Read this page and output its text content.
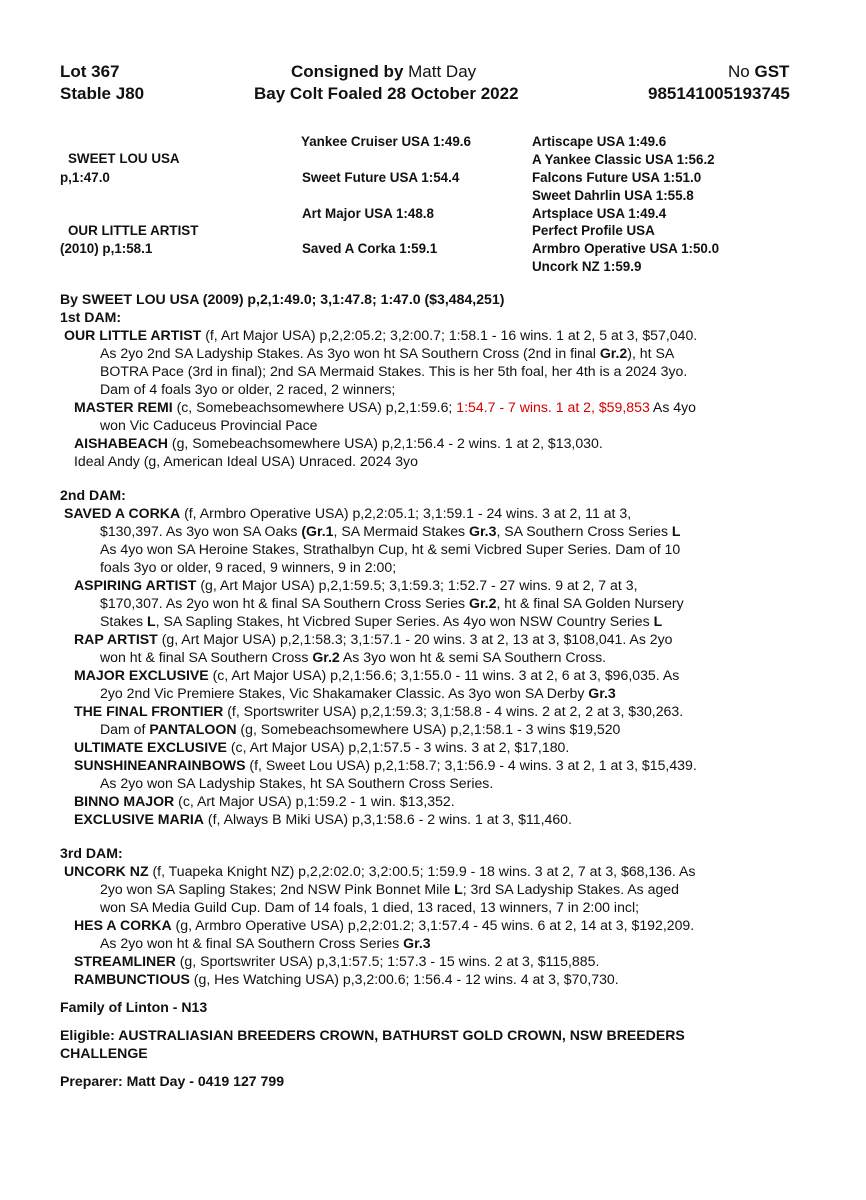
Lot 367
Stable J80
Consigned by Matt Day
Bay Colt Foaled 28 October 2022
No GST
985141005193745
SWEET LOU USA
p,1:47.0
OUR LITTLE ARTIST
(2010) p,1:58.1
Yankee Cruiser USA 1:49.6
Sweet Future USA 1:54.4
Art Major USA 1:48.8
Saved A Corka 1:59.1
Artiscape USA 1:49.6
A Yankee Classic USA 1:56.2
Falcons Future USA 1:51.0
Sweet Dahrlin USA 1:55.8
Artsplace USA 1:49.4
Perfect Profile USA
Armbro Operative USA 1:50.0
Uncork NZ 1:59.9

By SWEET LOU USA (2009) p,2,1:49.0; 3,1:47.8; 1:47.0 ($3,484,251)

1st DAM:

OUR LITTLE ARTIST (f, Art Major USA) p,2,2:05.2; 3,2:00.7; 1:58.1 - 16 wins. 1 at 2, 5 at 3, $57,040.

As 2yo 2nd SA Ladyship Stakes. As 3yo won ht SA Southern Cross (2nd in final Gr.2), ht SA

BOTRA Pace (3rd in final); 2nd SA Mermaid Stakes. This is her 5th foal, her 4th is a 2024 3yo.

Dam of 4 foals 3yo or older, 2 raced, 2 winners;

MASTER REMI (c, Somebeachsomewhere USA) p,2,1:59.6; 1:54.7 - 7 wins. 1 at 2, $59,853 As 4yo

won Vic Caduceus Provincial Pace

AISHABEACH (g, Somebeachsomewhere USA) p,2,1:56.4 - 2 wins. 1 at 2, $13,030.

Ideal Andy (g, American Ideal USA) Unraced. 2024 3yo

2nd DAM:

SAVED A CORKA (f, Armbro Operative USA) p,2,2:05.1; 3,1:59.1 - 24 wins. 3 at 2, 11 at 3,

$130,397. As 3yo won SA Oaks (Gr.1, SA Mermaid Stakes Gr.3, SA Southern Cross Series L

As 4yo won SA Heroine Stakes, Strathalbyn Cup, ht & semi Vicbred Super Series. Dam of 10

foals 3yo or older, 9 raced, 9 winners, 9 in 2:00;

ASPIRING ARTIST (g, Art Major USA) p,2,1:59.5; 3,1:59.3; 1:52.7 - 27 wins. 9 at 2, 7 at 3,

$170,307. As 2yo won ht & final SA Southern Cross Series Gr.2, ht & final SA Golden Nursery

Stakes L, SA Sapling Stakes, ht Vicbred Super Series. As 4yo won NSW Country Series L

RAP ARTIST (g, Art Major USA) p,2,1:58.3; 3,1:57.1 - 20 wins. 3 at 2, 13 at 3, $108,041. As 2yo

won ht & final SA Southern Cross Gr.2 As 3yo won ht & semi SA Southern Cross.

MAJOR EXCLUSIVE (c, Art Major USA) p,2,1:56.6; 3,1:55.0 - 11 wins. 3 at 2, 6 at 3, $96,035. As

2yo 2nd Vic Premiere Stakes, Vic Shakamaker Classic. As 3yo won SA Derby Gr.3

THE FINAL FRONTIER (f, Sportswriter USA) p,2,1:59.3; 3,1:58.8 - 4 wins. 2 at 2, 2 at 3, $30,263.

Dam of PANTALOON (g, Somebeachsomewhere USA) p,2,1:58.1 - 3 wins $19,520

ULTIMATE EXCLUSIVE (c, Art Major USA) p,2,1:57.5 - 3 wins. 3 at 2, $17,180.

SUNSHINEANRAINBOWS (f, Sweet Lou USA) p,2,1:58.7; 3,1:56.9 - 4 wins. 3 at 2, 1 at 3, $15,439.

As 2yo won SA Ladyship Stakes, ht SA Southern Cross Series.

BINNO MAJOR (c, Art Major USA) p,1:59.2 - 1 win. $13,352.

EXCLUSIVE MARIA (f, Always B Miki USA) p,3,1:58.6 - 2 wins. 1 at 3, $11,460.

3rd DAM:

UNCORK NZ (f, Tuapeka Knight NZ) p,2,2:02.0; 3,2:00.5; 1:59.9 - 18 wins. 3 at 2, 7 at 3, $68,136. As

2yo won SA Sapling Stakes; 2nd NSW Pink Bonnet Mile L; 3rd SA Ladyship Stakes. As aged

won SA Media Guild Cup. Dam of 14 foals, 1 died, 13 raced, 13 winners, 7 in 2:00 incl;

HES A CORKA (g, Armbro Operative USA) p,2,2:01.2; 3,1:57.4 - 45 wins. 6 at 2, 14 at 3, $192,209.

As 2yo won ht & final SA Southern Cross Series Gr.3

STREAMLINER (g, Sportswriter USA) p,3,1:57.5; 1:57.3 - 15 wins. 2 at 3, $115,885.

RAMBUNCTIOUS (g, Hes Watching USA) p,3,2:00.6; 1:56.4 - 12 wins. 4 at 3, $70,730.

Family of Linton - N13

Eligible: AUSTRALIASIAN BREEDERS CROWN, BATHURST GOLD CROWN, NSW BREEDERS

CHALLENGE

Preparer: Matt Day - 0419 127 799
